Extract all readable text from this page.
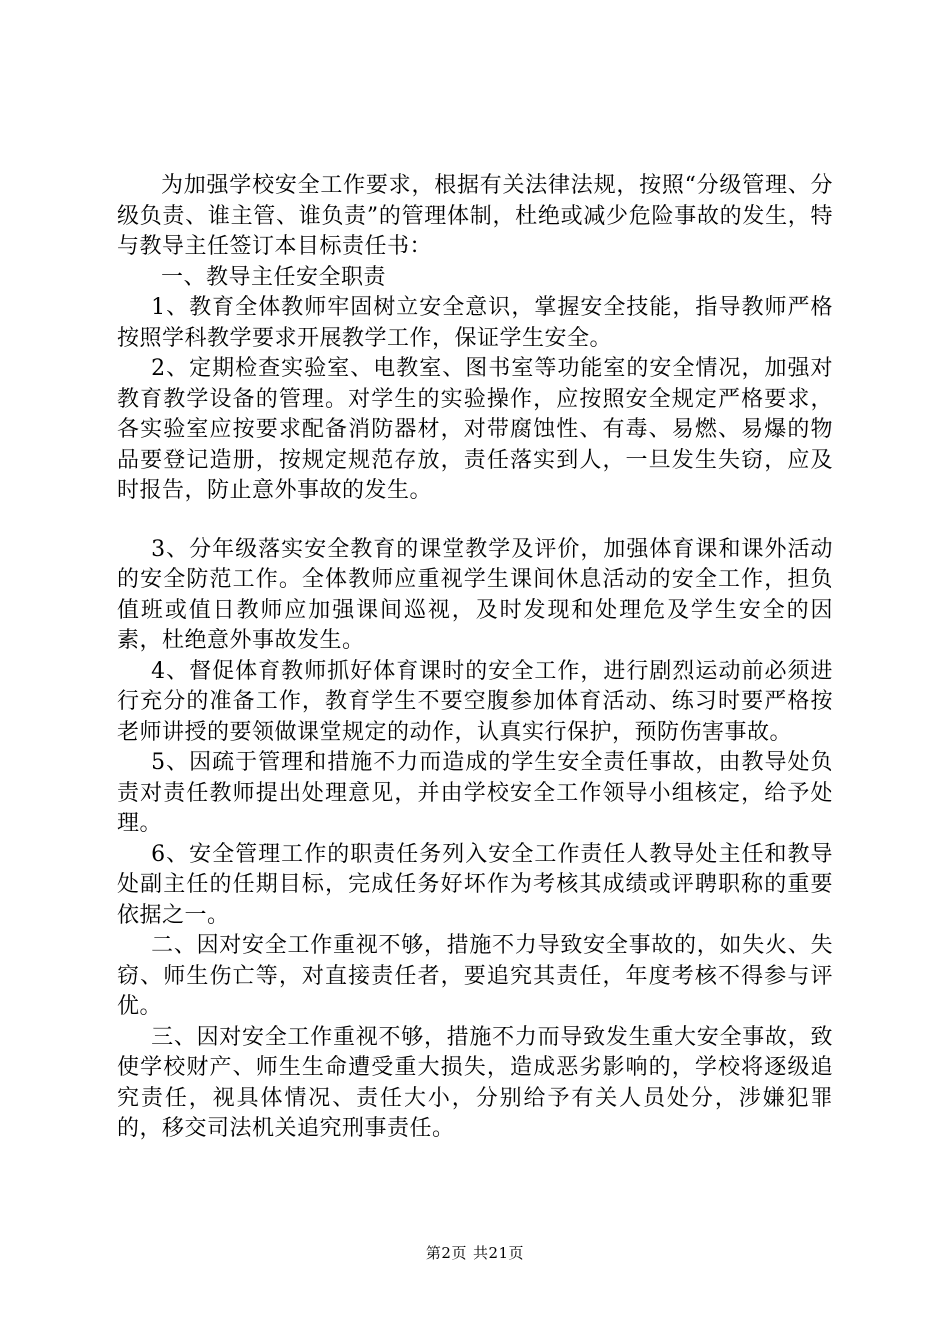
为加强学校安全工作要求，根据有关法律法规，按照“分级管理、分级负责、谁主管、谁负责”的管理体制，杜绝或减少危险事故的发生，特与教导主任签订本目标责任书：

一、教导主任安全职责

1、教育全体教师牢固树立安全意识，掌握安全技能，指导教师严格按照学科教学要求开展教学工作，保证学生安全。

2、定期检查实验室、电教室、图书室等功能室的安全情况，加强对教育教学设备的管理。对学生的实验操作，应按照安全规定严格要求，各实验室应按要求配备消防器材，对带腐蚀性、有毒、易燃、易爆的物品要登记造册，按规定规范存放，责任落实到人，一旦发生失窃，应及时报告，防止意外事故的发生。

3、分年级落实安全教育的课堂教学及评价，加强体育课和课外活动的安全防范工作。全体教师应重视学生课间休息活动的安全工作，担负值班或值日教师应加强课间巡视，及时发现和处理危及学生安全的因素，杜绝意外事故发生。

4、督促体育教师抓好体育课时的安全工作，进行剧烈运动前必须进行充分的准备工作，教育学生不要空腹参加体育活动、练习时要严格按老师讲授的要领做课堂规定的动作，认真实行保护，预防伤害事故。

5、因疏于管理和措施不力而造成的学生安全责任事故，由教导处负责对责任教师提出处理意见，并由学校安全工作领导小组核定，给予处理。

6、安全管理工作的职责任务列入安全工作责任人教导处主任和教导处副主任的任期目标，完成任务好坏作为考核其成绩或评聘职称的重要依据之一。

二、因对安全工作重视不够，措施不力导致安全事故的，如失火、失窃、师生伤亡等，对直接责任者，要追究其责任，年度考核不得参与评优。

三、因对安全工作重视不够，措施不力而导致发生重大安全事故，致使学校财产、师生生命遭受重大损失，造成恶劣影响的，学校将逐级追究责任，视具体情况、责任大小，分别给予有关人员处分，涉嫌犯罪的，移交司法机关追究刑事责任。

第2页 共21页
